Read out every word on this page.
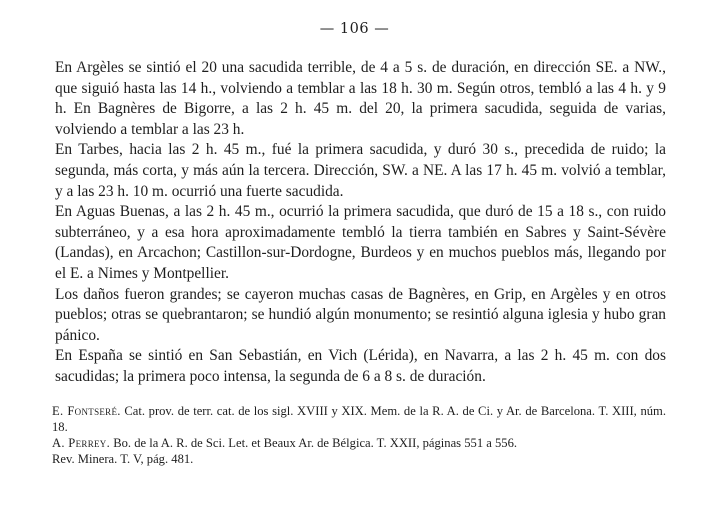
— 106 —

En Argèles se sintió el 20 una sacudida terrible, de 4 a 5 s. de duración, en dirección SE. a NW., que siguió hasta las 14 h., volviendo a temblar a las 18 h. 30 m. Según otros, tembló a las 4 h. y 9 h. En Bagnères de Bigorre, a las 2 h. 45 m. del 20, la primera sacudida, seguida de varias, volviendo a temblar a las 23 h.

En Tarbes, hacia las 2 h. 45 m., fué la primera sacudida, y duró 30 s., precedida de ruido; la segunda, más corta, y más aún la tercera. Dirección, SW. a NE. A las 17 h. 45 m. volvió a temblar, y a las 23 h. 10 m. ocurrió una fuerte sacudida.

En Aguas Buenas, a las 2 h. 45 m., ocurrió la primera sacudida, que duró de 15 a 18 s., con ruido subterráneo, y a esa hora aproximadamente tembló la tierra también en Sabres y Saint-Sévère (Landas), en Arcachon; Castillon-sur-Dordogne, Burdeos y en muchos pueblos más, llegando por el E. a Nimes y Montpellier.

Los daños fueron grandes; se cayeron muchas casas de Bagnères, en Grip, en Argèles y en otros pueblos; otras se quebrantaron; se hundió algún monumento; se resintió alguna iglesia y hubo gran pánico.

En España se sintió en San Sebastián, en Vich (Lérida), en Navarra, a las 2 h. 45 m. con dos sacudidas; la primera poco intensa, la segunda de 6 a 8 s. de duración.

E. Fontseré. Cat. prov. de terr. cat. de los sigl. XVIII y XIX. Mem. de la R. A. de Ci. y Ar. de Barcelona. T. XIII, núm. 18.

A. Perrey. Bo. de la A. R. de Sci. Let. et Beaux Ar. de Bélgica. T. XXII, páginas 551 a 556.

Rev. Minera. T. V, pág. 481.
